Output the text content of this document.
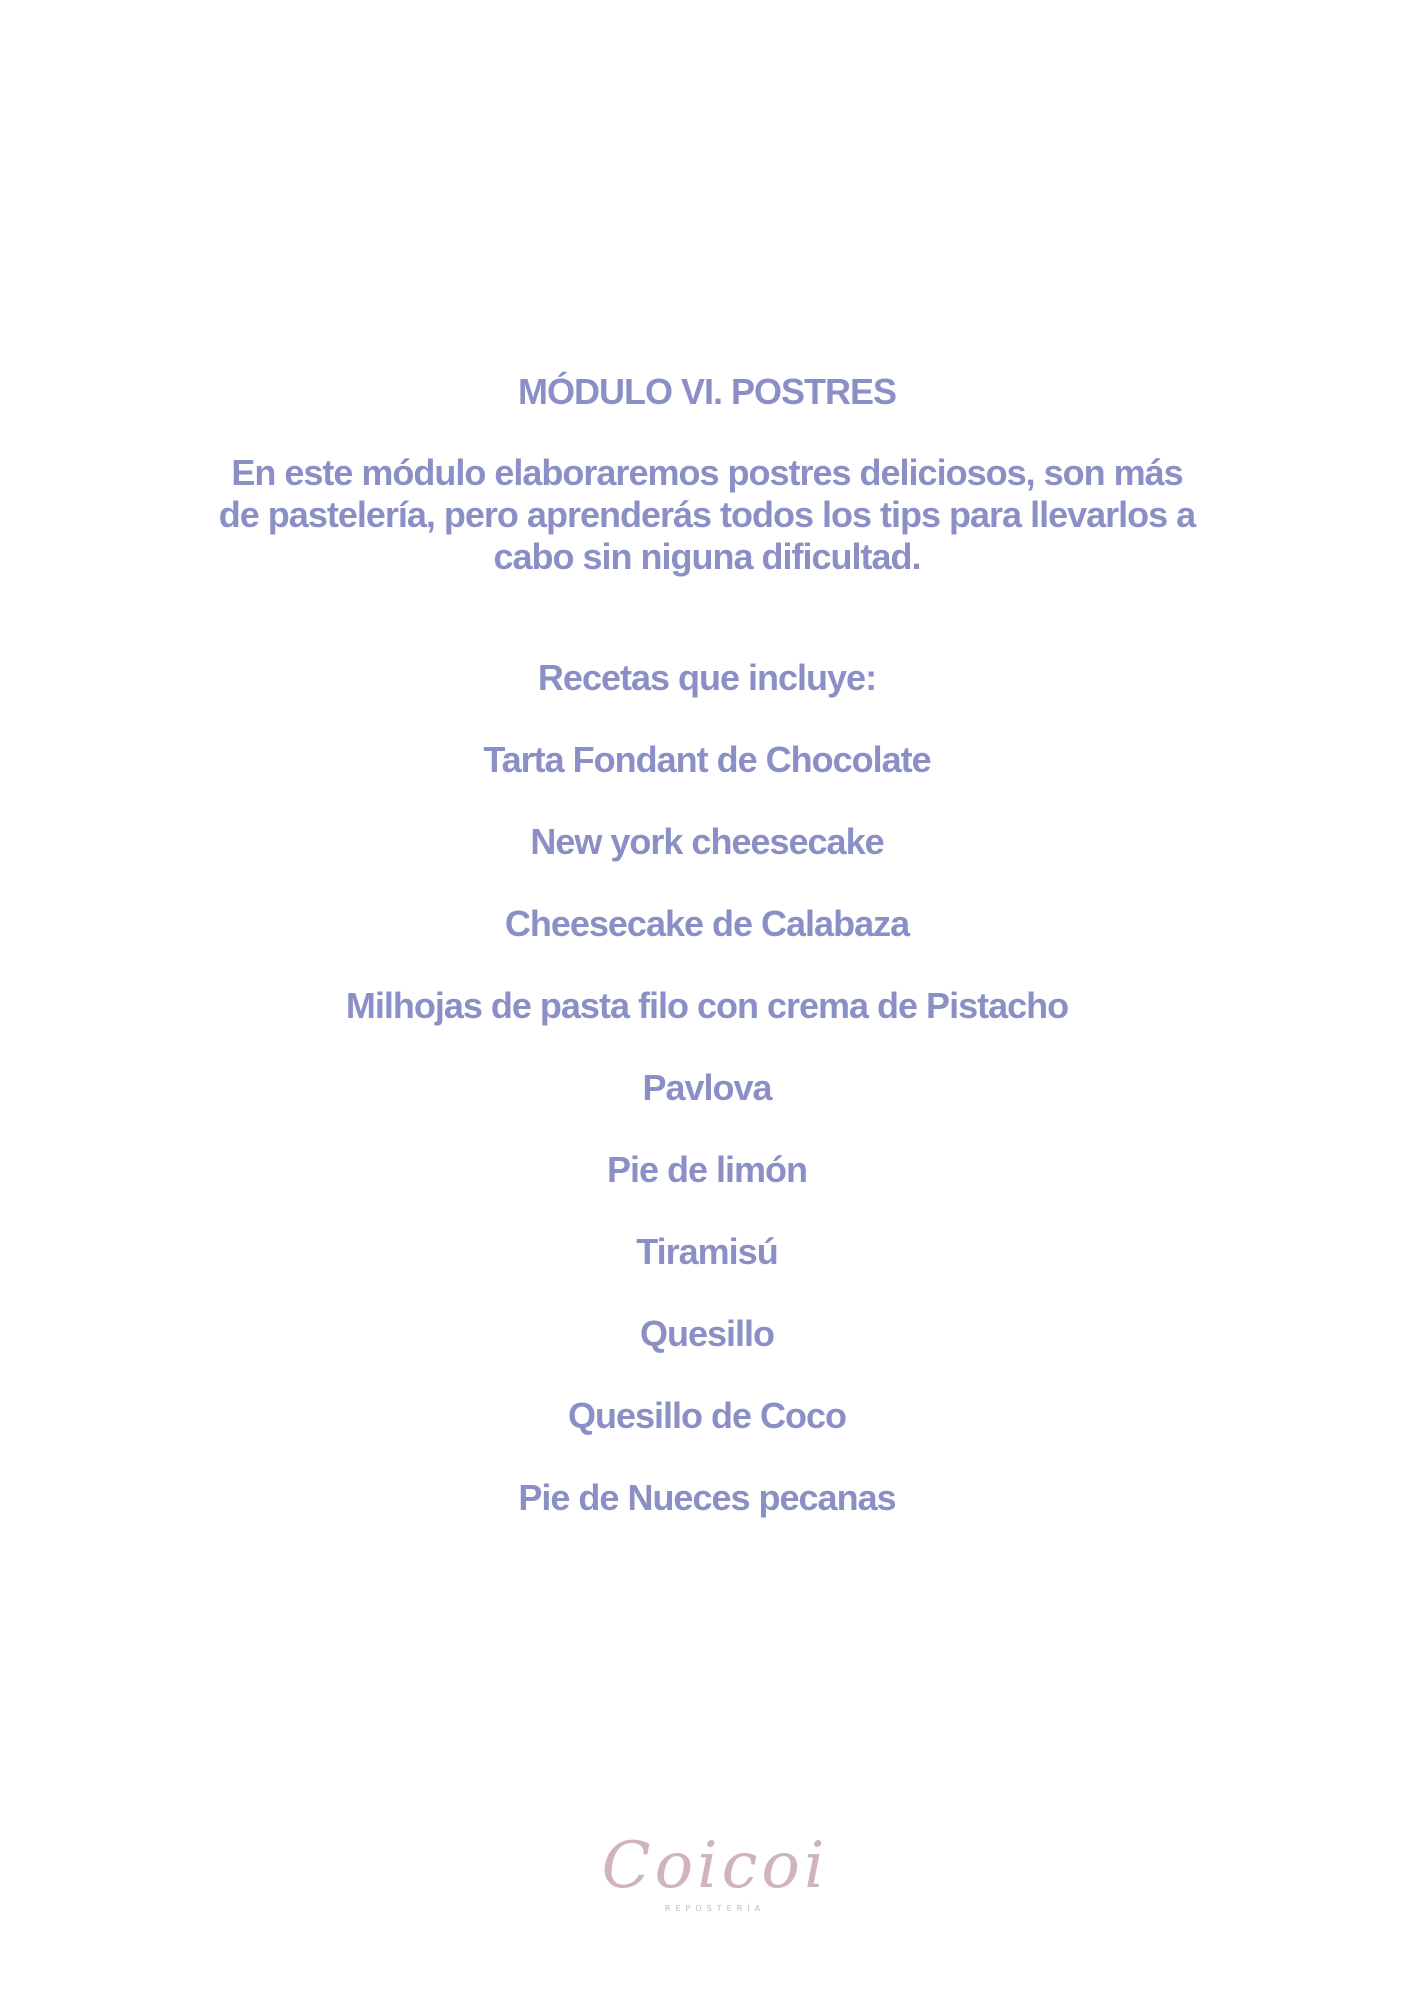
MÓDULO VI. POSTRES

En este módulo elaboraremos postres deliciosos, son más de pastelería, pero aprenderás todos los tips para llevarlos a cabo sin niguna dificultad.

Recetas que incluye:
Tarta Fondant de Chocolate
New york cheesecake
Cheesecake de Calabaza
Milhojas de pasta filo con crema de Pistacho
Pavlova
Pie de limón
Tiramisú
Quesillo
Quesillo de Coco
Pie de Nueces pecanas
Coicoi
REPOSTERÍA
